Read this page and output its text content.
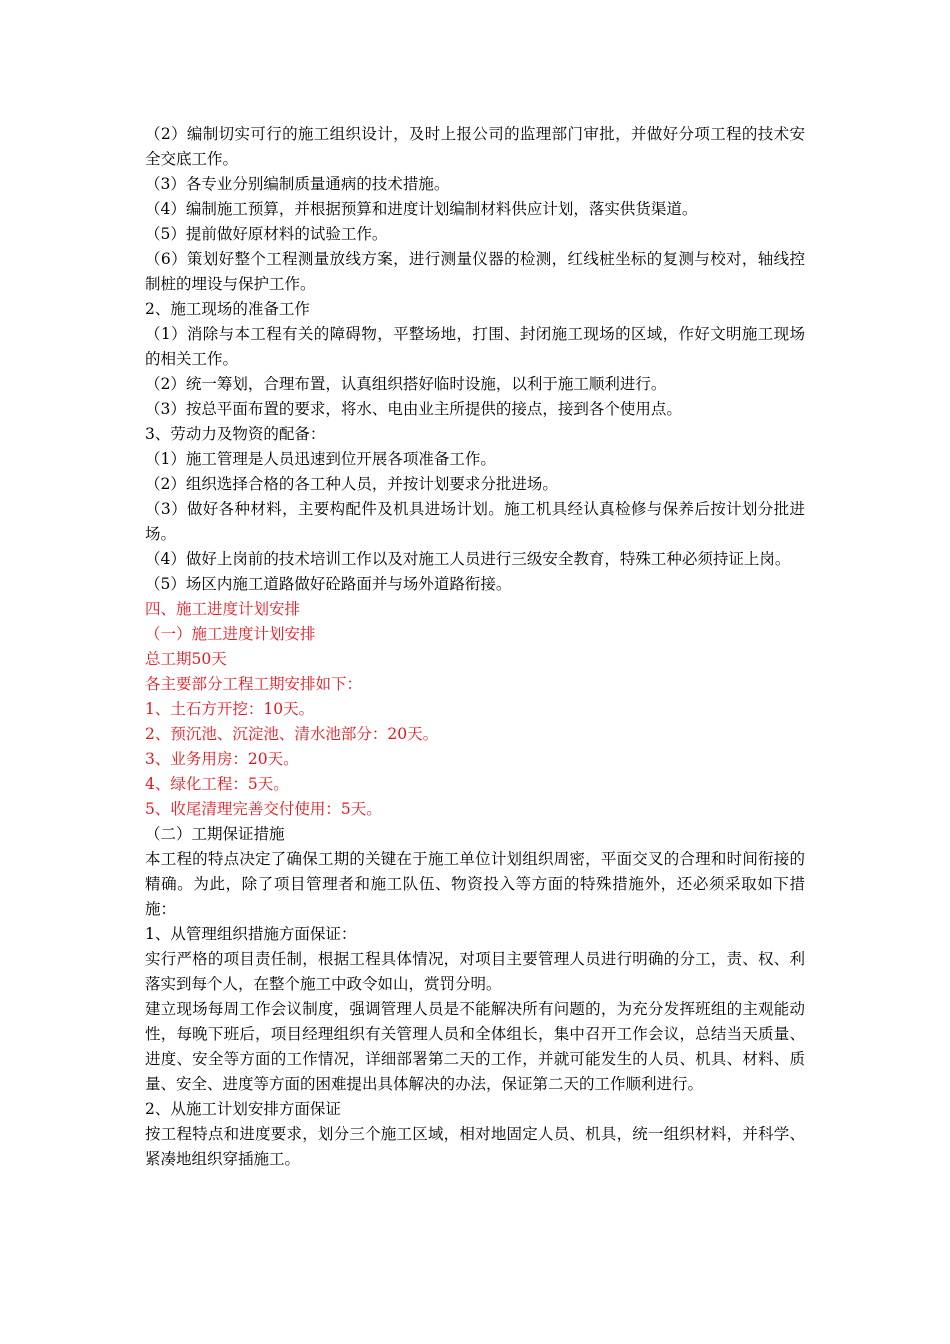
（2）编制切实可行的施工组织设计，及时上报公司的监理部门审批，并做好分项工程的技术安全交底工作。

（3）各专业分别编制质量通病的技术措施。

（4）编制施工预算，并根据预算和进度计划编制材料供应计划，落实供货渠道。

（5）提前做好原材料的试验工作。

（6）策划好整个工程测量放线方案，进行测量仪器的检测，红线桩坐标的复测与校对，轴线控制桩的埋设与保护工作。

2、施工现场的准备工作

（1）消除与本工程有关的障碍物，平整场地，打围、封闭施工现场的区域，作好文明施工现场的相关工作。

（2）统一筹划，合理布置，认真组织搭好临时设施，以利于施工顺利进行。

（3）按总平面布置的要求，将水、电由业主所提供的接点，接到各个使用点。

3、劳动力及物资的配备：

（1）施工管理是人员迅速到位开展各项准备工作。

（2）组织选择合格的各工种人员，并按计划要求分批进场。

（3）做好各种材料，主要构配件及机具进场计划。施工机具经认真检修与保养后按计划分批进场。

（4）做好上岗前的技术培训工作以及对施工人员进行三级安全教育，特殊工种必须持证上岗。

（5）场区内施工道路做好砼路面并与场外道路衔接。

四、施工进度计划安排

（一）施工进度计划安排

总工期50天

各主要部分工程工期安排如下：

1、土石方开挖：10天。

2、预沉池、沉淀池、清水池部分：20天。

3、业务用房：20天。

4、绿化工程：5天。

5、收尾清理完善交付使用：5天。

（二）工期保证措施

本工程的特点决定了确保工期的关键在于施工单位计划组织周密，平面交叉的合理和时间衔接的精确。为此，除了项目管理者和施工队伍、物资投入等方面的特殊措施外，还必须采取如下措施：

1、从管理组织措施方面保证：

实行严格的项目责任制，根据工程具体情况，对项目主要管理人员进行明确的分工，责、权、利落实到每个人，在整个施工中政令如山，赏罚分明。

建立现场每周工作会议制度，强调管理人员是不能解决所有问题的，为充分发挥班组的主观能动性，每晚下班后，项目经理组织有关管理人员和全体组长，集中召开工作会议，总结当天质量、进度、安全等方面的工作情况，详细部署第二天的工作，并就可能发生的人员、机具、材料、质量、安全、进度等方面的困难提出具体解决的办法，保证第二天的工作顺利进行。

2、从施工计划安排方面保证

按工程特点和进度要求，划分三个施工区域，相对地固定人员、机具，统一组织材料，并科学、紧凑地组织穿插施工。
